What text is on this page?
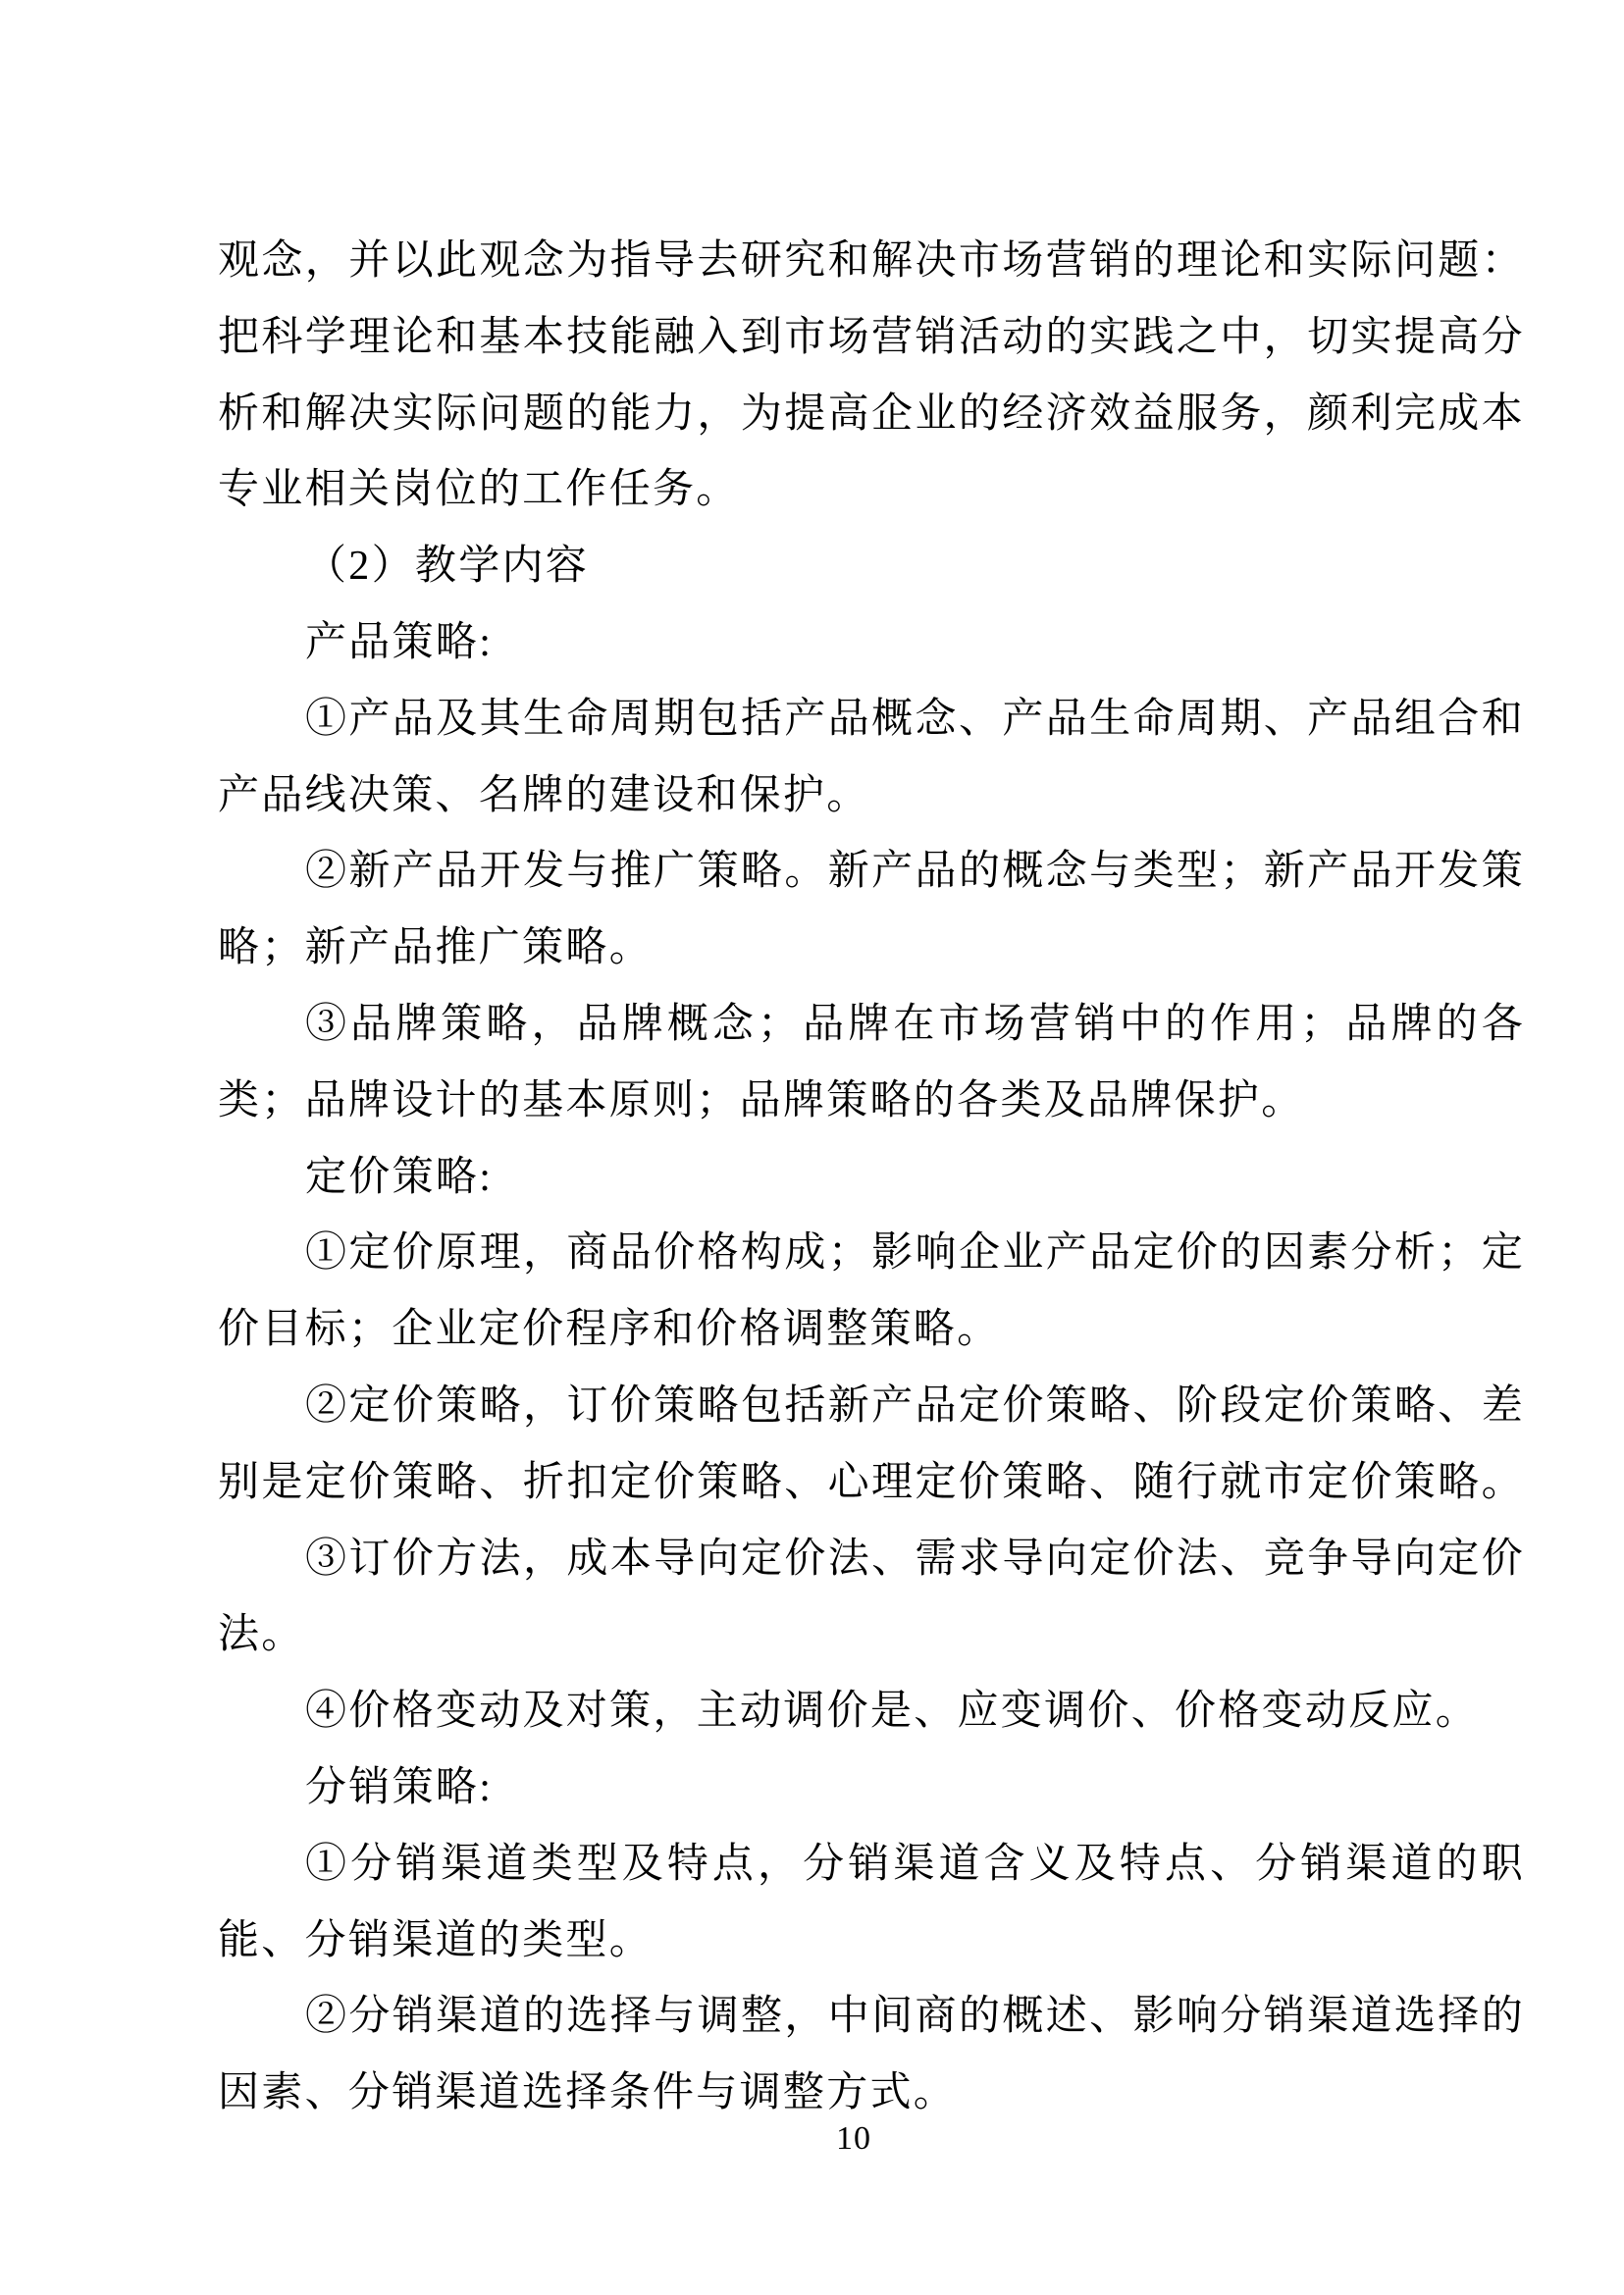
观念，并以此观念为指导去研究和解决市场营销的理论和实际问题：
把科学理论和基本技能融入到市场营销活动的实践之中，切实提高分
析和解决实际问题的能力，为提高企业的经济效益服务，颜利完成本
专业相关岗位的工作任务。
（2）教学内容
产品策略:
①产品及其生命周期包括产品概念、产品生命周期、产品组合和
产品线决策、名牌的建设和保护。
②新产品开发与推广策略。新产品的概念与类型；新产品开发策
略；新产品推广策略。
③品牌策略，品牌概念；品牌在市场营销中的作用；品牌的各
类；品牌设计的基本原则；品牌策略的各类及品牌保护。
定价策略:
①定价原理，商品价格构成；影响企业产品定价的因素分析；定
价目标；企业定价程序和价格调整策略。
②定价策略，订价策略包括新产品定价策略、阶段定价策略、差
别是定价策略、折扣定价策略、心理定价策略、随行就市定价策略。
③订价方法，成本导向定价法、需求导向定价法、竞争导向定价
法。
④价格变动及对策，主动调价是、应变调价、价格变动反应。
分销策略:
①分销渠道类型及特点，分销渠道含义及特点、分销渠道的职
能、分销渠道的类型。
②分销渠道的选择与调整，中间商的概述、影响分销渠道选择的
因素、分销渠道选择条件与调整方式。
10
